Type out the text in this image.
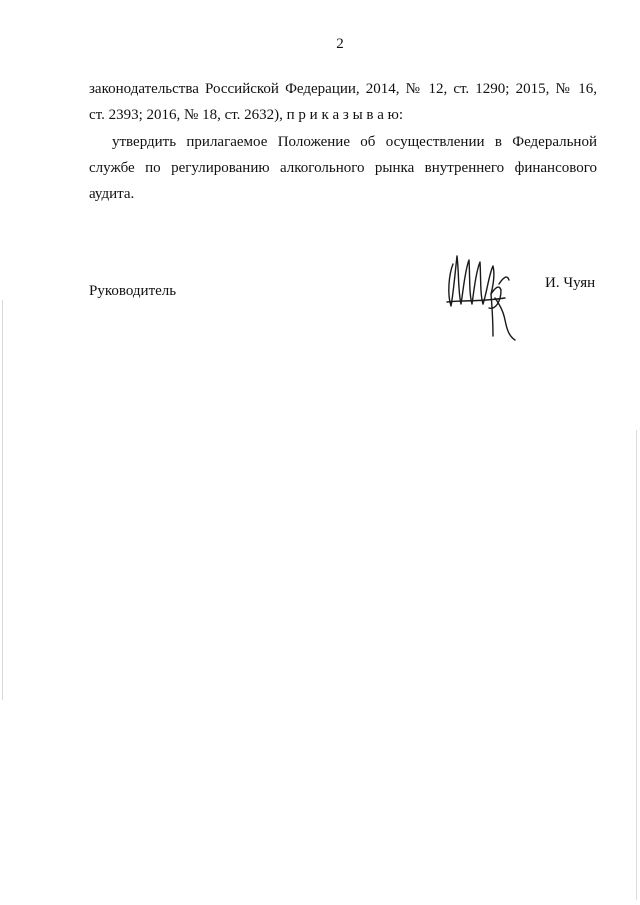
2
законодательства Российской Федерации, 2014, № 12, ст. 1290; 2015, № 16,
ст. 2393; 2016, № 18, ст. 2632), п р и к а з ы в а ю:
утвердить прилагаемое Положение об осуществлении в Федеральной
службе по регулированию алкогольного рынка внутреннего финансового
аудита.
Руководитель	И. Чуян
